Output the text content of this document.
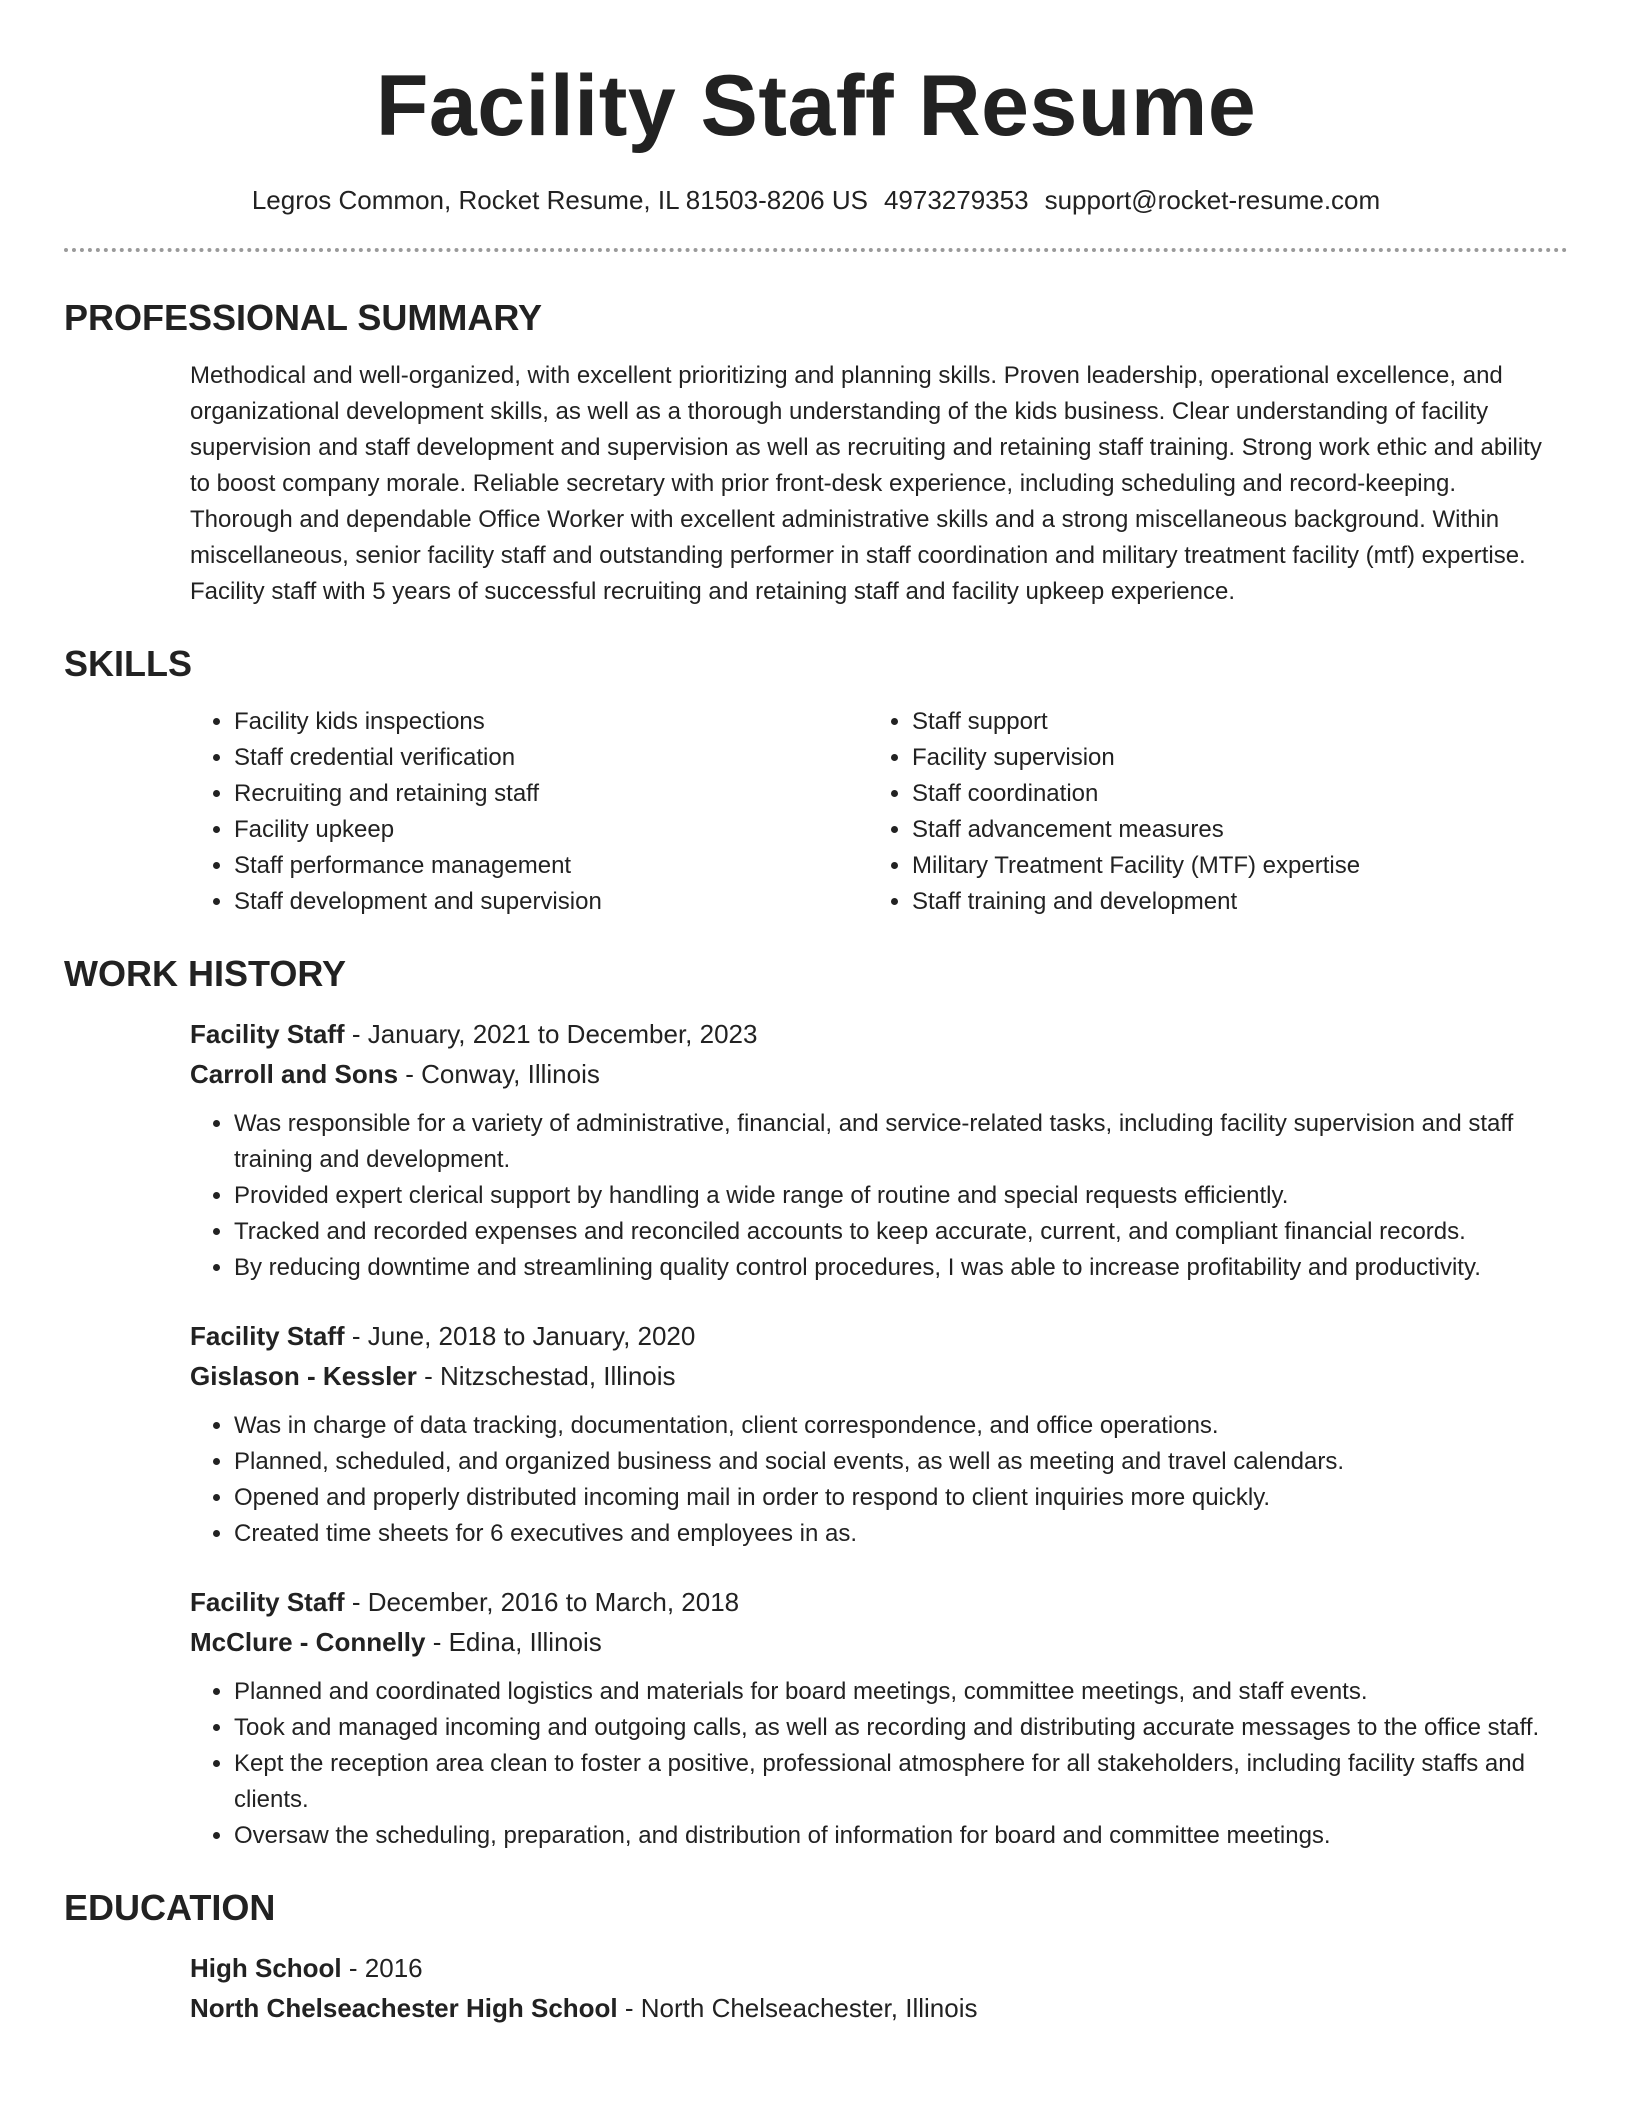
Facility Staff Resume
Legros Common, Rocket Resume, IL 81503-8206 US 4973279353 support@rocket-resume.com
PROFESSIONAL SUMMARY

Methodical and well-organized, with excellent prioritizing and planning skills. Proven leadership, operational excellence, and organizational development skills, as well as a thorough understanding of the kids business. Clear understanding of facility supervision and staff development and supervision as well as recruiting and retaining staff training. Strong work ethic and ability to boost company morale. Reliable secretary with prior front-desk experience, including scheduling and record-keeping. Thorough and dependable Office Worker with excellent administrative skills and a strong miscellaneous background. Within miscellaneous, senior facility staff and outstanding performer in staff coordination and military treatment facility (mtf) expertise. Facility staff with 5 years of successful recruiting and retaining staff and facility upkeep experience.

SKILLS
• Facility kids inspections
• Staff credential verification
• Recruiting and retaining staff
• Facility upkeep
• Staff performance management
• Staff development and supervision
• Staff support
• Facility supervision
• Staff coordination
• Staff advancement measures
• Military Treatment Facility (MTF) expertise
• Staff training and development
WORK HISTORY
Facility Staff - January, 2021 to December, 2023
Carroll and Sons - Conway, Illinois
• Was responsible for a variety of administrative, financial, and service-related tasks, including facility supervision and staff training and development.
• Provided expert clerical support by handling a wide range of routine and special requests efficiently.
• Tracked and recorded expenses and reconciled accounts to keep accurate, current, and compliant financial records.
• By reducing downtime and streamlining quality control procedures, I was able to increase profitability and productivity.
Facility Staff - June, 2018 to January, 2020
Gislason - Kessler - Nitzschestad, Illinois
• Was in charge of data tracking, documentation, client correspondence, and office operations.
• Planned, scheduled, and organized business and social events, as well as meeting and travel calendars.
• Opened and properly distributed incoming mail in order to respond to client inquiries more quickly.
• Created time sheets for 6 executives and employees in as.
Facility Staff - December, 2016 to March, 2018
McClure - Connelly - Edina, Illinois
• Planned and coordinated logistics and materials for board meetings, committee meetings, and staff events.
• Took and managed incoming and outgoing calls, as well as recording and distributing accurate messages to the office staff.
• Kept the reception area clean to foster a positive, professional atmosphere for all stakeholders, including facility staffs and clients.
• Oversaw the scheduling, preparation, and distribution of information for board and committee meetings.
EDUCATION
High School - 2016
North Chelseachester High School - North Chelseachester, Illinois
